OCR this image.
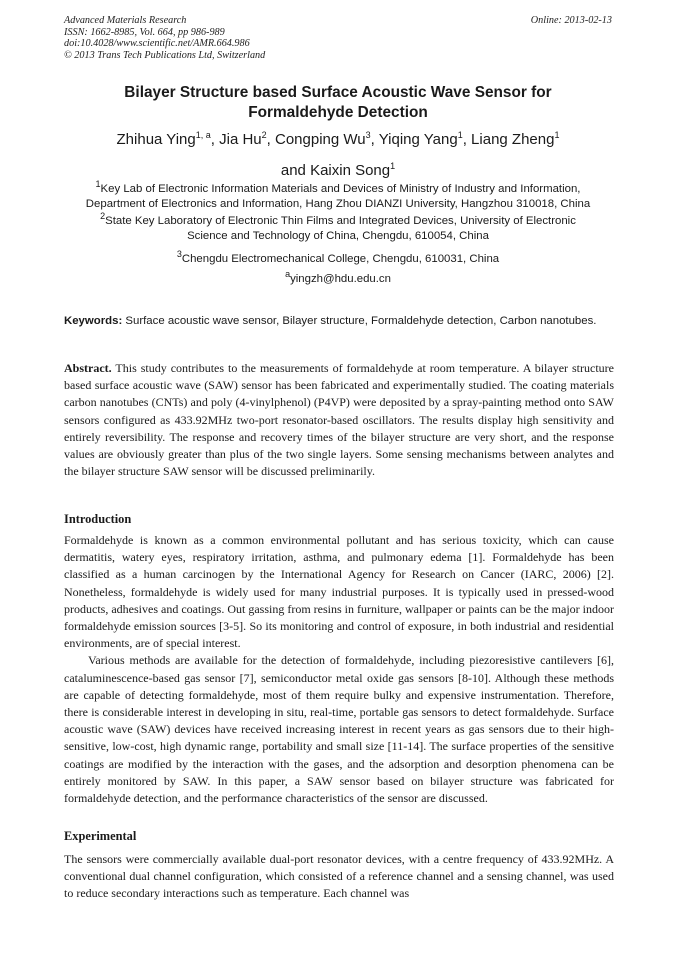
Advanced Materials Research
ISSN: 1662-8985, Vol. 664, pp 986-989
doi:10.4028/www.scientific.net/AMR.664.986
© 2013 Trans Tech Publications Ltd, Switzerland
Online: 2013-02-13
Bilayer Structure based Surface Acoustic Wave Sensor for
Formaldehyde Detection
Zhihua Ying$^{1, a}$, Jia Hu$^2$, Congping Wu$^3$, Yiqing Yang$^1$, Liang Zheng$^1$
and Kaixin Song$^1$
$^1$Key Lab of Electronic Information Materials and Devices of Ministry of Industry and Information,
Department of Electronics and Information, Hang Zhou DIANZI University, Hangzhou 310018, China
$^2$State Key Laboratory of Electronic Thin Films and Integrated Devices, University of Electronic
Science and Technology of China, Chengdu, 610054, China
$^3$Chengdu Electromechanical College, Chengdu, 610031, China
$^a$yingzh@hdu.edu.cn
Keywords: Surface acoustic wave sensor, Bilayer structure, Formaldehyde detection, Carbon nanotubes.
Abstract. This study contributes to the measurements of formaldehyde at room temperature. A bilayer structure based surface acoustic wave (SAW) sensor has been fabricated and experimentally studied. The coating materials carbon nanotubes (CNTs) and poly (4-vinylphenol) (P4VP) were deposited by a spray-painting method onto SAW sensors configured as 433.92MHz two-port resonator-based oscillators. The results display high sensitivity and entirely reversibility. The response and recovery times of the bilayer structure are very short, and the response values are obviously greater than plus of the two single layers. Some sensing mechanisms between analytes and the bilayer structure SAW sensor will be discussed preliminarily.
Introduction

Formaldehyde is known as a common environmental pollutant and has serious toxicity, which can cause dermatitis, watery eyes, respiratory irritation, asthma, and pulmonary edema [1]. Formaldehyde has been classified as a human carcinogen by the International Agency for Research on Cancer (IARC, 2006) [2]. Nonetheless, formaldehyde is widely used for many industrial purposes. It is typically used in pressed-wood products, adhesives and coatings. Out gassing from resins in furniture, wallpaper or paints can be the major indoor formaldehyde emission sources [3-5]. So its monitoring and control of exposure, in both industrial and residential environments, are of special interest.

Various methods are available for the detection of formaldehyde, including piezoresistive cantilevers [6], cataluminescence-based gas sensor [7], semiconductor metal oxide gas sensors [8-10]. Although these methods are capable of detecting formaldehyde, most of them require bulky and expensive instrumentation. Therefore, there is considerable interest in developing in situ, real-time, portable gas sensors to detect formaldehyde. Surface acoustic wave (SAW) devices have received increasing interest in recent years as gas sensors due to their high-sensitive, low-cost, high dynamic range, portability and small size [11-14]. The surface properties of the sensitive coatings are modified by the interaction with the gases, and the adsorption and desorption phenomena can be entirely monitored by SAW. In this paper, a SAW sensor based on bilayer structure was fabricated for formaldehyde detection, and the performance characteristics of the sensor are discussed.

Experimental

The sensors were commercially available dual-port resonator devices, with a centre frequency of 433.92MHz. A conventional dual channel configuration, which consisted of a reference channel and a sensing channel, was used to reduce secondary interactions such as temperature. Each channel was
